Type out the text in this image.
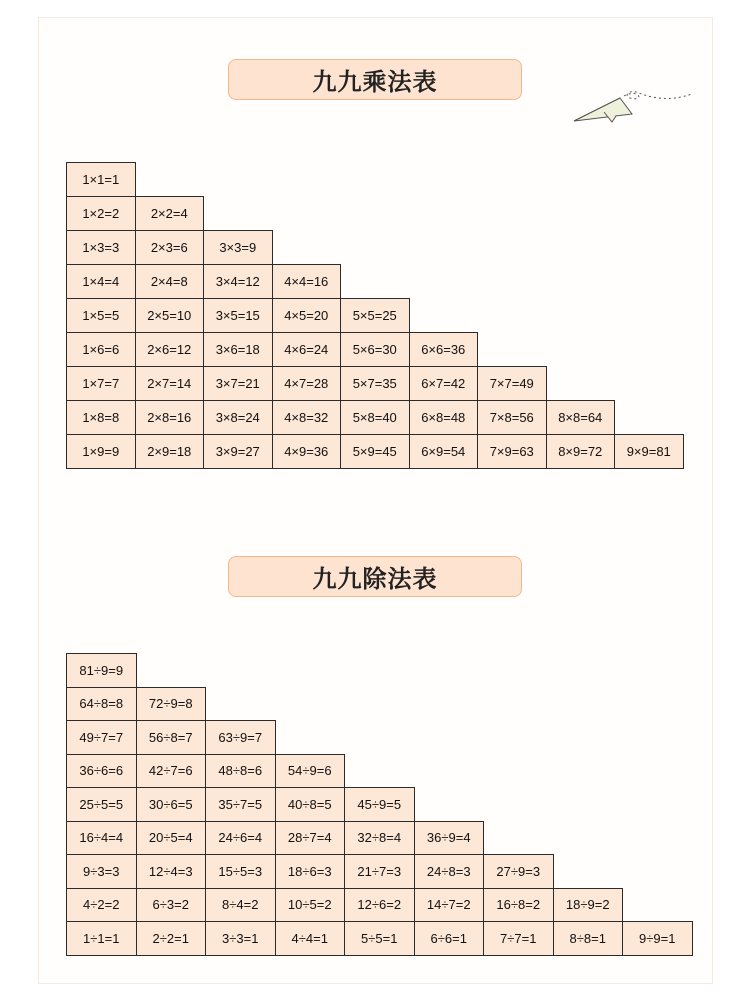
九九乘法表
1×1=1
1×2=2	2×2=4
1×3=3	2×3=6	3×3=9
1×4=4	2×4=8	3×4=12	4×4=16
1×5=5	2×5=10	3×5=15	4×5=20	5×5=25
1×6=6	2×6=12	3×6=18	4×6=24	5×6=30	6×6=36
1×7=7	2×7=14	3×7=21	4×7=28	5×7=35	6×7=42	7×7=49
1×8=8	2×8=16	3×8=24	4×8=32	5×8=40	6×8=48	7×8=56	8×8=64
1×9=9	2×9=18	3×9=27	4×9=36	5×9=45	6×9=54	7×9=63	8×9=72	9×9=81
九九除法表
81÷9=9
64÷8=8	72÷9=8
49÷7=7	56÷8=7	63÷9=7
36÷6=6	42÷7=6	48÷8=6	54÷9=6
25÷5=5	30÷6=5	35÷7=5	40÷8=5	45÷9=5
16÷4=4	20÷5=4	24÷6=4	28÷7=4	32÷8=4	36÷9=4
9÷3=3	12÷4=3	15÷5=3	18÷6=3	21÷7=3	24÷8=3	27÷9=3
4÷2=2	6÷3=2	8÷4=2	10÷5=2	12÷6=2	14÷7=2	16÷8=2	18÷9=2
1÷1=1	2÷2=1	3÷3=1	4÷4=1	5÷5=1	6÷6=1	7÷7=1	8÷8=1	9÷9=1
